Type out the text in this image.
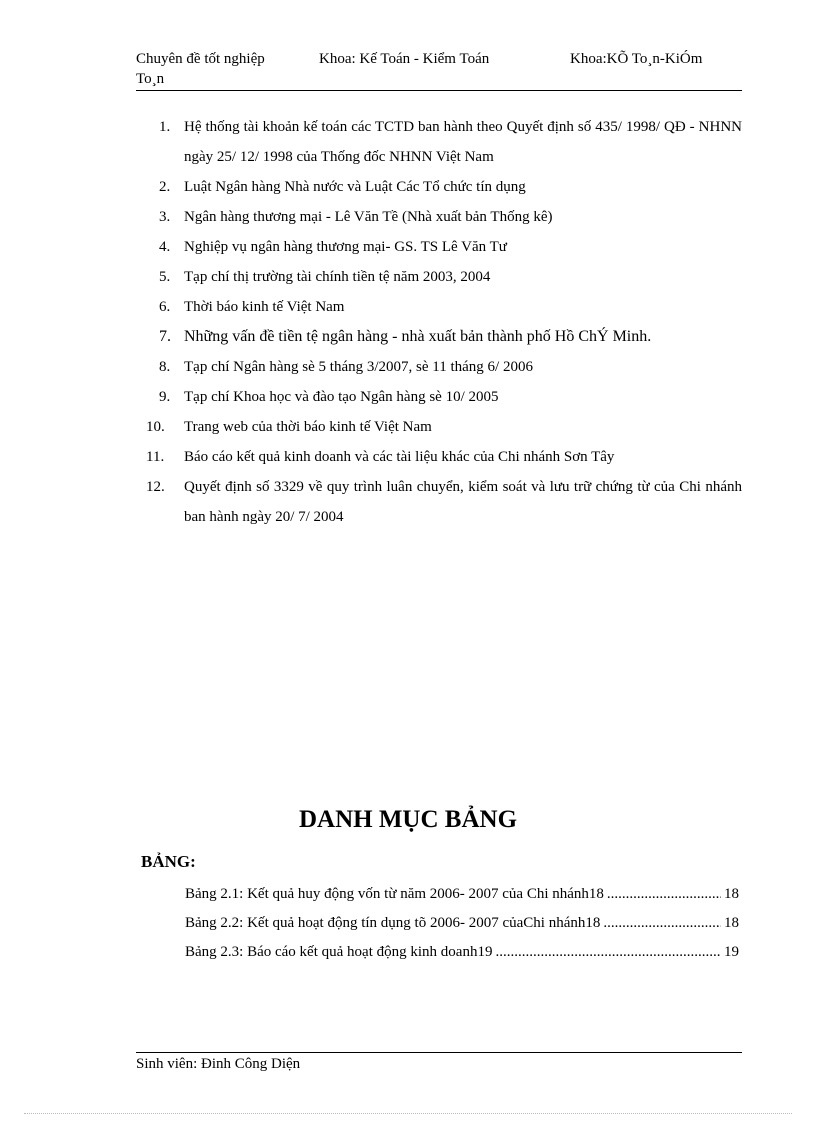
Chuyên đề tốt nghiệp	Khoa: Kế Toán - Kiểm Toán	Khoa:KÕ To¸n-KiÓm
To¸n
1. Hệ thống tài khoản kế toán các TCTD ban hành theo Quyết định số 435/ 1998/ QĐ - NHNN ngày 25/ 12/ 1998 của Thống đốc NHNN Việt Nam
2. Luật Ngân hàng Nhà nước và Luật Các Tổ chức tín dụng
3. Ngân hàng thương mại - Lê Văn Tề (Nhà xuất bản Thống kê)
4. Nghiệp vụ ngân hàng thương mại- GS. TS Lê Văn Tư
5. Tạp chí thị trường tài chính tiền tệ năm 2003, 2004
6. Thời báo kinh tế Việt Nam
7. Những vấn đề tiền tệ ngân hàng - nhà xuất bản thành phố Hồ ChÝ Minh.
8. Tạp chí Ngân hàng sè 5 tháng 3/2007, sè 11 tháng 6/ 2006
9. Tạp chí Khoa học và đào tạo Ngân hàng sè 10/ 2005
10. Trang web của thời báo kinh tế Việt Nam
11. Báo cáo kết quả kinh doanh và các tài liệu khác của Chi nhánh Sơn Tây
12. Quyết định số 3329 về quy trình luân chuyển, kiểm soát và lưu trữ chứng từ của Chi nhánh ban hành ngày 20/ 7/ 2004
DANH MỤC BẢNG
BẢNG:
Bảng 2.1: Kết quả huy động vốn từ năm 2006- 2007 của Chi nhánh18 .....	18
Bảng 2.2: Kết quả hoạt động tín dụng tõ 2006- 2007 củaChi nhánh18 .....	18
Bảng 2.3: Báo cáo kết quả hoạt động kinh doanh19 .....	19
Sinh viên: Đinh Công Diện
